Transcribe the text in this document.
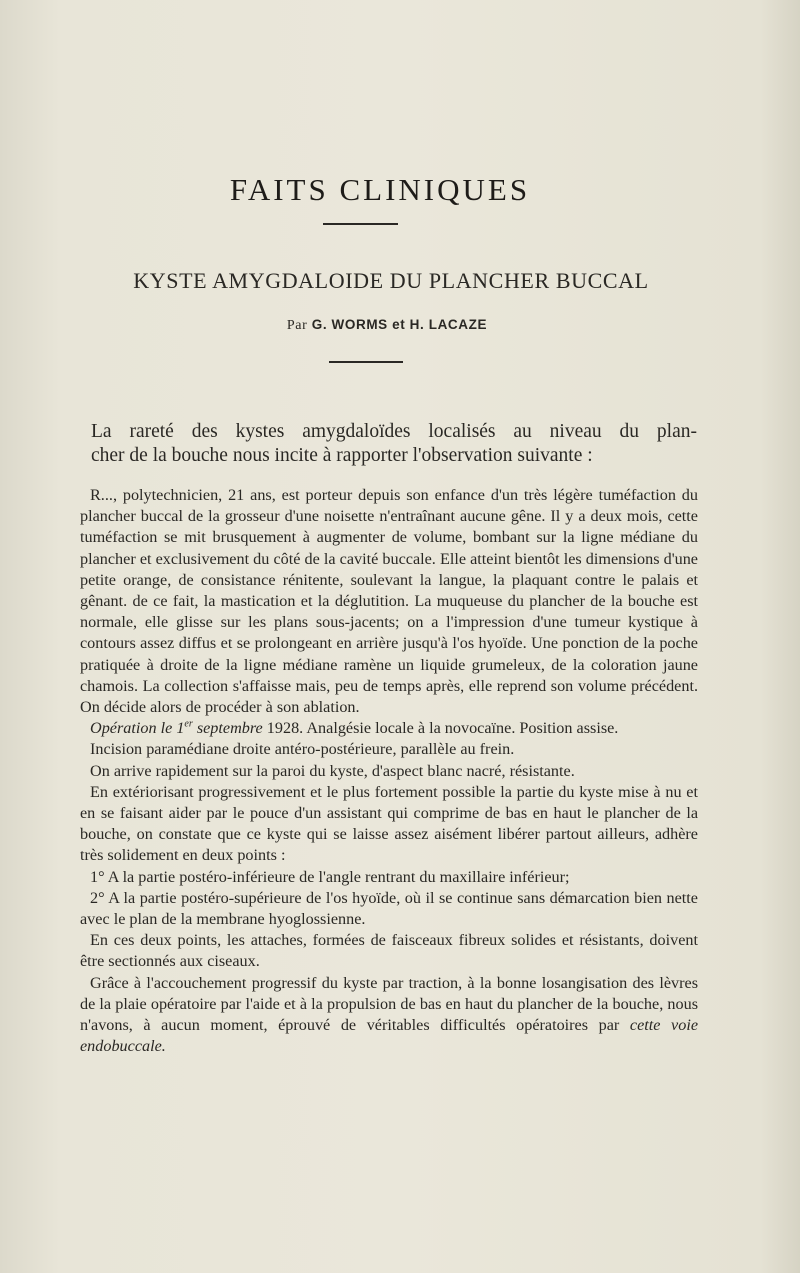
FAITS CLINIQUES
KYSTE AMYGDALOIDE DU PLANCHER BUCCAL
Par G. WORMS et H. LACAZE
La rareté des kystes amygdaloïdes localisés au niveau du plan-
cher de la bouche nous incite à rapporter l'observation suivante :

R..., polytechnicien, 21 ans, est porteur depuis son enfance d'un très légère tuméfaction du plancher buccal de la grosseur d'une noisette n'entraînant aucune gêne. Il y a deux mois, cette tuméfaction se mit brusquement à augmenter de volume, bombant sur la ligne médiane du plancher et exclusivement du côté de la cavité buccale. Elle atteint bientôt les dimensions d'une petite orange, de consistance rénitente, soulevant la langue, la plaquant contre le palais et gênant. de ce fait, la mastication et la déglutition. La muqueuse du plancher de la bouche est normale, elle glisse sur les plans sous-jacents; on a l'impression d'une tumeur kystique à contours assez diffus et se prolongeant en arrière jusqu'à l'os hyoïde. Une ponction de la poche pratiquée à droite de la ligne médiane ramène un liquide grumeleux, de la coloration jaune chamois. La collection s'affaisse mais, peu de temps après, elle reprend son volume précédent. On décide alors de procéder à son ablation.

Opération le 1er septembre 1928. Analgésie locale à la novocaïne. Position assise.

Incision paramédiane droite antéro-postérieure, parallèle au frein.

On arrive rapidement sur la paroi du kyste, d'aspect blanc nacré, résistante.

En extériorisant progressivement et le plus fortement possible la partie du kyste mise à nu et en se faisant aider par le pouce d'un assistant qui comprime de bas en haut le plancher de la bouche, on constate que ce kyste qui se laisse assez aisément libérer partout ailleurs, adhère très solidement en deux points :

1° A la partie postéro-inférieure de l'angle rentrant du maxillaire inférieur;

2° A la partie postéro-supérieure de l'os hyoïde, où il se continue sans démarcation bien nette avec le plan de la membrane hyoglossienne.

En ces deux points, les attaches, formées de faisceaux fibreux solides et résistants, doivent être sectionnés aux ciseaux.

Grâce à l'accouchement progressif du kyste par traction, à la bonne losangisation des lèvres de la plaie opératoire par l'aide et à la propulsion de bas en haut du plancher de la bouche, nous n'avons, à aucun moment, éprouvé de véritables difficultés opératoires par cette voie endobuccale.
